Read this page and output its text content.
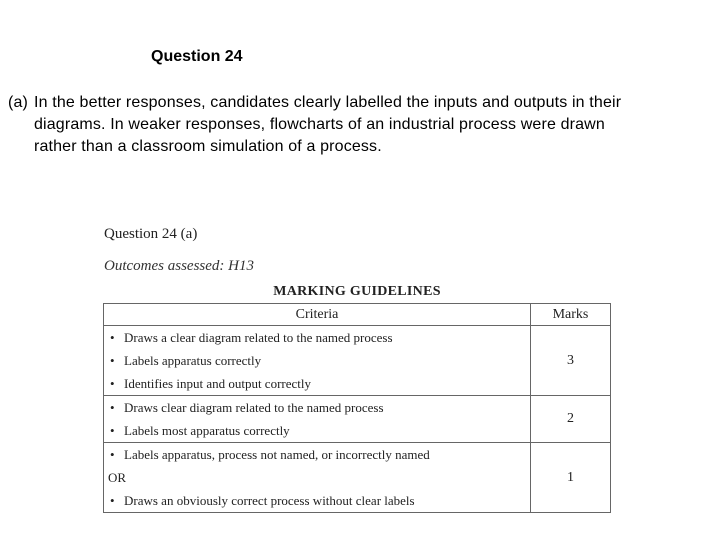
Question 24
(a) In the better responses, candidates clearly labelled the inputs and outputs in their
diagrams. In weaker responses, flowcharts of an industrial process were drawn
rather than a classroom simulation of a process.
Question 24 (a)
Outcomes assessed: H13
MARKING GUIDELINES
Criteria	Marks

• Draws a clear diagram related to the named process
• Labels apparatus correctly
• Identifies input and output correctly	3

• Draws clear diagram related to the named process
• Labels most apparatus correctly	2

• Labels apparatus, process not named, or incorrectly named
OR
• Draws an obviously correct process without clear labels	1
